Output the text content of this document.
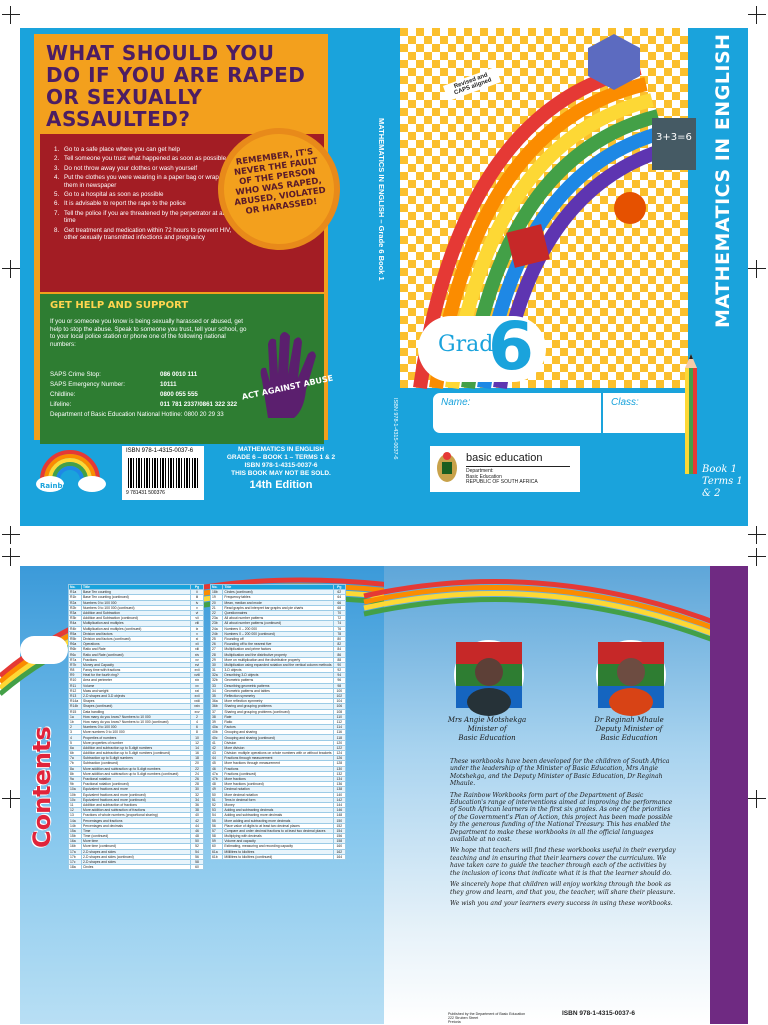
WHAT SHOULD YOU DO IF YOU ARE RAPED OR SEXUALLY ASSAULTED?
1. Go to a safe place where you can get help
2. Tell someone you trust what happened as soon as possible
3. Do not throw away your clothes or wash yourself
4. Put the clothes you were wearing in a paper bag or wrap them in newspaper
5. Go to a hospital as soon as possible
6. It is advisable to report the rape to the police
7. Tell the police if you are threatened by the perpetrator at any time
8. Get treatment and medication within 72 hours to prevent HIV, other sexually transmitted infections and pregnancy
REMEMBER, IT'S NEVER THE FAULT OF THE PERSON WHO WAS RAPED, ABUSED, VIOLATED OR HARASSED!
GET HELP AND SUPPORT
If you or someone you know is being sexually harassed or abused, get help to stop the abuse. Speak to someone you trust, tell your school, go to your local police station or phone one of the following national numbers:
SAPS Crime Stop:	086 0010 111
SAPS Emergency Number:	10111
Childline:	0800 055 555
Lifeline:	011 781 2337/0861 322 322
Department of Basic Education National Hotline: 0800 20 29 33
ACT AGAINST ABUSE
Rainbow
ISBN 978-1-4315-0037-6
9 781431 500376
MATHEMATICS IN ENGLISH
GRADE 6 – BOOK 1 – TERMS 1 & 2
ISBN 978-1-4315-0037-6
THIS BOOK MAY NOT BE SOLD.
14th Edition
MATHEMATICS IN ENGLISH – Grade 6 Book 1
ISBN 978-1-4315-0037-6
3+3=6
Revised and CAPS aligned	MATHEMATICS IN ENGLISH
Grade
6
Name:	Class:
basic education
Department:
Basic Education
REPUBLIC OF SOUTH AFRICA
Book 1
Terms 1 & 2
Contents
No.	Title	Pg
R1a	Base Ten counting	ii
R1b	Base Ten counting (continued)	iii
R2a	Numbers 0 to 100 000	iv
R2b	Numbers 0 to 100 000 (continued)	v
R3a	Addition and Subtraction	vi
R3b	Addition and Subtraction (continued)	vii
R4a	Multiplication and multiples	viii
R4b	Multiplication and multiples (continued)	ix
R5a	Division and factors	x
R5b	Division and factors (continued)	xi
R6a	Operations	xii
R6b	Ratio and Rate	xiii
R6c	Ratio and Rate (continued)	xiv
R7a	Fractions	xv
R7b	Money and Capacity	xvi
R8	Fancy time with fractions	xvii
R9	Heat for the fourth ring?	xviii
R10	Area and perimeter	xix
R11	Volume	xx
R12	Mass and weight	xxi
R13	2-D shapes and 3-D objects	xxii
R14a	Shapes	xxiii
R14b	Shapes (continued)	xxiv
R15	Data handling	xxv
1a	How many do you know? Numbers to 10 000	2
1b	How many do you know? Numbers to 10 000 (continued)	4
2	Numbers 0 to 100 000	6
3	More numbers 0 to 100 000	8
4	Properties of numbers	10
5	More properties of number	12
6a	Addition and subtraction up to 5-digit numbers	14
6b	Addition and subtraction up to 5-digit numbers (continued)	16
7a	Subtraction up to 5-digit numbers	18
7b	Subtraction (continued)	20
8a	More addition and subtraction up to 5-digit numbers	22
8b	More addition and subtraction up to 5-digit numbers (continued)	24
9a	Fractional notation	26
9b	Fractional notation (continued)	28
10a	Equivalent fractions and more	30
10b	Equivalent fractions and more (continued)	32
10c	Equivalent fractions and more (continued)	34
11	Addition and subtraction of fractions	36
12	More addition and subtraction of fractions	38
13	Fractions of whole numbers (proportional sharing)	40
14a	Percentages and fractions	42
14b	Percentages and decimals	44
15a	Time	46
15b	Time (continued)	48
16a	More time	50
16b	More time (continued)	52
17a	2-D shapes and sides	54
17b	2-D shapes and sides (continued)	56
17c	2-D shapes and sides	58
18a	Circles	60
No.	Title	Pg
18b	Circles (continued)	62
19	Frequency tables	64
20	Mean, median and mode	66
21	Read graphs and interpret bar graphs and pie charts	68
22	Questionnaires	70
23a	All about number patterns	72
23b	All about number patterns (continued)	74
24a	Numbers 0 – 200 000	76
24b	Numbers 0 – 200 000 (continued)	78
25	Rounding off	80
26	Rounding off to the nearest five	82
27	Multiplication and prime factors	84
28	Multiplication and the distributive property	86
29	More on multiplication and the distributive property	88
30	Multiplication using expanded notation and the vertical column methods	90
31	3-D objects	92
32a	Describing 3-D objects	94
32b	Geometric patterns	96
33	Describing geometric patterns	98
34	Geometric patterns and tables	100
35	Reflection symmetry	102
36a	More reflection symmetry	104
36b	Sharing and grouping problems	106
37	Sharing and grouping problems (continued)	108
38	Rate	110
39	Ratio	112
40a	Factors	114
40b	Grouping and sharing	116
40c	Grouping and sharing (continued)	118
41	Division	120
42	More division	122
43	Division: multiple operations on whole numbers with or without brackets	124
44	Fractions through measurement	126
45	More fractions through measurement	128
46	Fractions	130
47a	Fractions (continued)	132
47b	More fractions	134
48	More fractions (continued)	136
49	Decimal notation	138
50	More decimal notation	140
51	Tens in decimal form	142
52	Money	144
53	Adding and subtracting decimals	146
54	Adding and subtracting more decimals	148
55	More adding and subtracting more decimals	150
56	Place value of digits to at least two decimal places	152
57	Compare and order decimal fractions to at least two decimal places	154
58	Multiplying with decimals	156
59	Volume and capacity	158
60	Estimating, measuring and recording capacity	160
61a	Millilitres to kilolitres	162
61b	Millilitres to kilolitres (continued)	164
Mrs Angie Motshekga
Minister of
Basic Education
Dr Reginah Mhaule
Deputy Minister of
Basic Education

These workbooks have been developed for the children of South Africa under the leadership of the Minister of Basic Education, Mrs Angie Motshekga, and the Deputy Minister of Basic Education, Dr Reginah Mhaule.

The Rainbow Workbooks form part of the Department of Basic Education's range of interventions aimed at improving the performance of South African learners in the first six grades. As one of the priorities of the Government's Plan of Action, this project has been made possible by the generous funding of the National Treasury. This has enabled the Department to make these workbooks in all the official languages available at no cost.

We hope that teachers will find these workbooks useful in their everyday teaching and in ensuring that their learners cover the curriculum. We have taken care to guide the teacher through each of the activities by the inclusion of icons that indicate what it is that the learner should do.

We sincerely hope that children will enjoy working through the book as they grow and learn, and that you, the teacher, will share their pleasure.

We wish you and your learners every success in using these workbooks.

Published by the Department of Basic Education
222 Struben Street
Pretoria
ISBN 978-1-4315-0037-6
